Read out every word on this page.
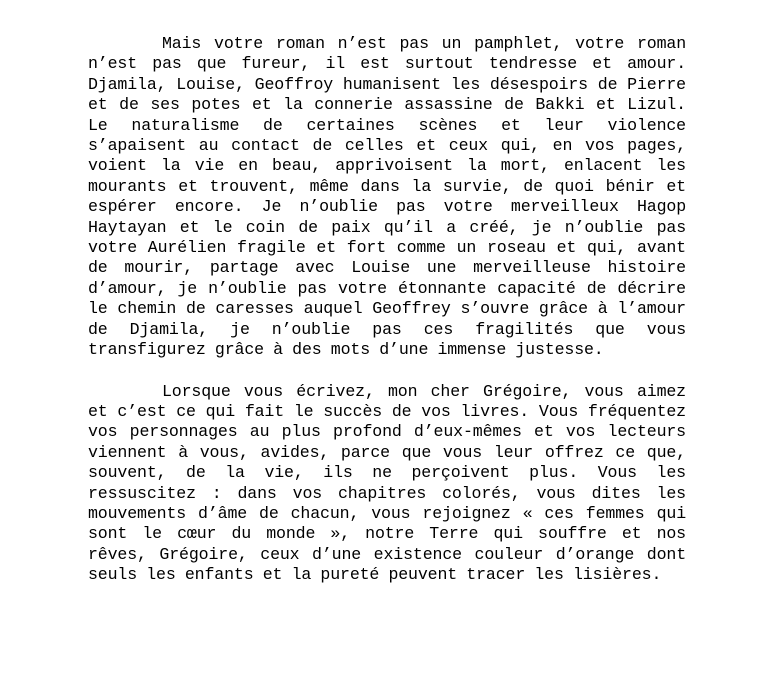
Mais votre roman n’est pas un pamphlet, votre roman n’est pas que fureur, il est surtout tendresse et amour. Djamila, Louise, Geoffroy humanisent les désespoirs de Pierre et de ses potes et la connerie assassine de Bakki et Lizul. Le naturalisme de certaines scènes et leur violence s’apaisent au contact de celles et ceux qui, en vos pages, voient la vie en beau, apprivoisent la mort, enlacent les mourants et trouvent, même dans la survie, de quoi bénir et espérer encore. Je n’oublie pas votre merveilleux Hagop Haytayan et le coin de paix qu’il a créé, je n’oublie pas votre Aurélien fragile et fort comme un roseau et qui, avant de mourir, partage avec Louise une merveilleuse histoire d’amour, je n’oublie pas votre étonnante capacité de décrire le chemin de caresses auquel Geoffrey s’ouvre grâce à l’amour de Djamila, je n’oublie pas ces fragilités que vous transfigurez grâce à des mots d’une immense justesse.

Lorsque vous écrivez, mon cher Grégoire, vous aimez et c’est ce qui fait le succès de vos livres. Vous fréquentez vos personnages au plus profond d’eux-mêmes et vos lecteurs viennent à vous, avides, parce que vous leur offrez ce que, souvent, de la vie, ils ne perçoivent plus. Vous les ressuscitez : dans vos chapitres colorés, vous dites les mouvements d’âme de chacun, vous rejoignez « ces femmes qui sont le cœur du monde », notre Terre qui souffre et nos rêves, Grégoire, ceux d’une existence couleur d’orange dont seuls les enfants et la pureté peuvent tracer les lisières.
